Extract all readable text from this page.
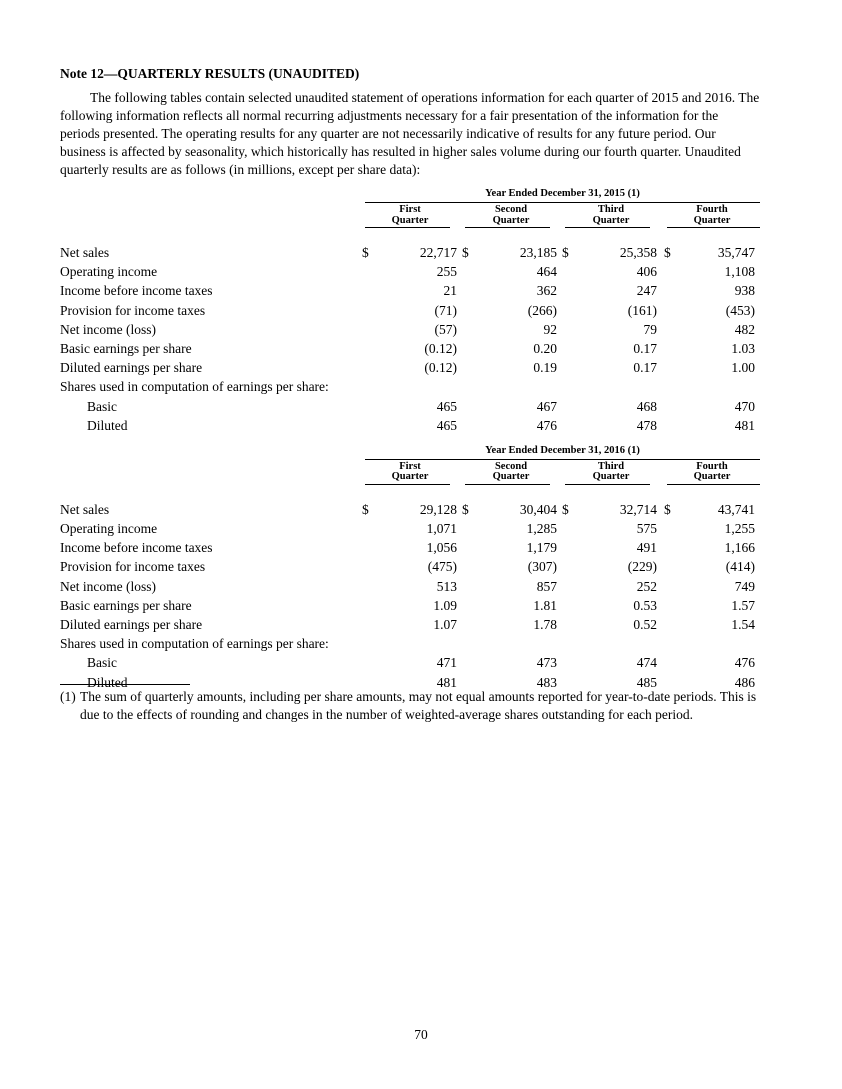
Note 12—QUARTERLY RESULTS (UNAUDITED)

The following tables contain selected unaudited statement of operations information for each quarter of 2015 and 2016. The following information reflects all normal recurring adjustments necessary for a fair presentation of the information for the periods presented. The operating results for any quarter are not necessarily indicative of results for any future period. Our business is affected by seasonality, which historically has resulted in higher sales volume during our fourth quarter. Unaudited quarterly results are as follows (in millions, except per share data):

Year Ended December 31, 2015 (1)
First
Quarter
Second
Quarter
Third
Quarter
Fourth
Quarter
Net sales	$	22,717 $	23,185 $	25,358 $	35,747
Operating income	255	464	406	1,108
Income before income taxes	21	362	247	938
Provision for income taxes	(71)	(266)	(161)	(453)
Net income (loss)	(57)	92	79	482
Basic earnings per share	(0.12)	0.20	0.17	1.03
Diluted earnings per share	(0.12)	0.19	0.17	1.00
Shares used in computation of earnings per share:
Basic	465	467	468	470
Diluted	465	476	478	481
Year Ended December 31, 2016 (1)
First
Quarter
Second
Quarter
Third
Quarter
Fourth
Quarter
Net sales	$	29,128 $	30,404 $	32,714 $	43,741
Operating income	1,071	1,285	575	1,255
Income before income taxes	1,056	1,179	491	1,166
Provision for income taxes	(475)	(307)	(229)	(414)
Net income (loss)	513	857	252	749
Basic earnings per share	1.09	1.81	0.53	1.57
Diluted earnings per share	1.07	1.78	0.52	1.54
Shares used in computation of earnings per share:
Basic	471	473	474	476
Diluted	481	483	485	486
(1) The sum of quarterly amounts, including per share amounts, may not equal amounts reported for year-to-date periods. This is due to the effects of rounding and changes in the number of weighted-average shares outstanding for each period.
70
